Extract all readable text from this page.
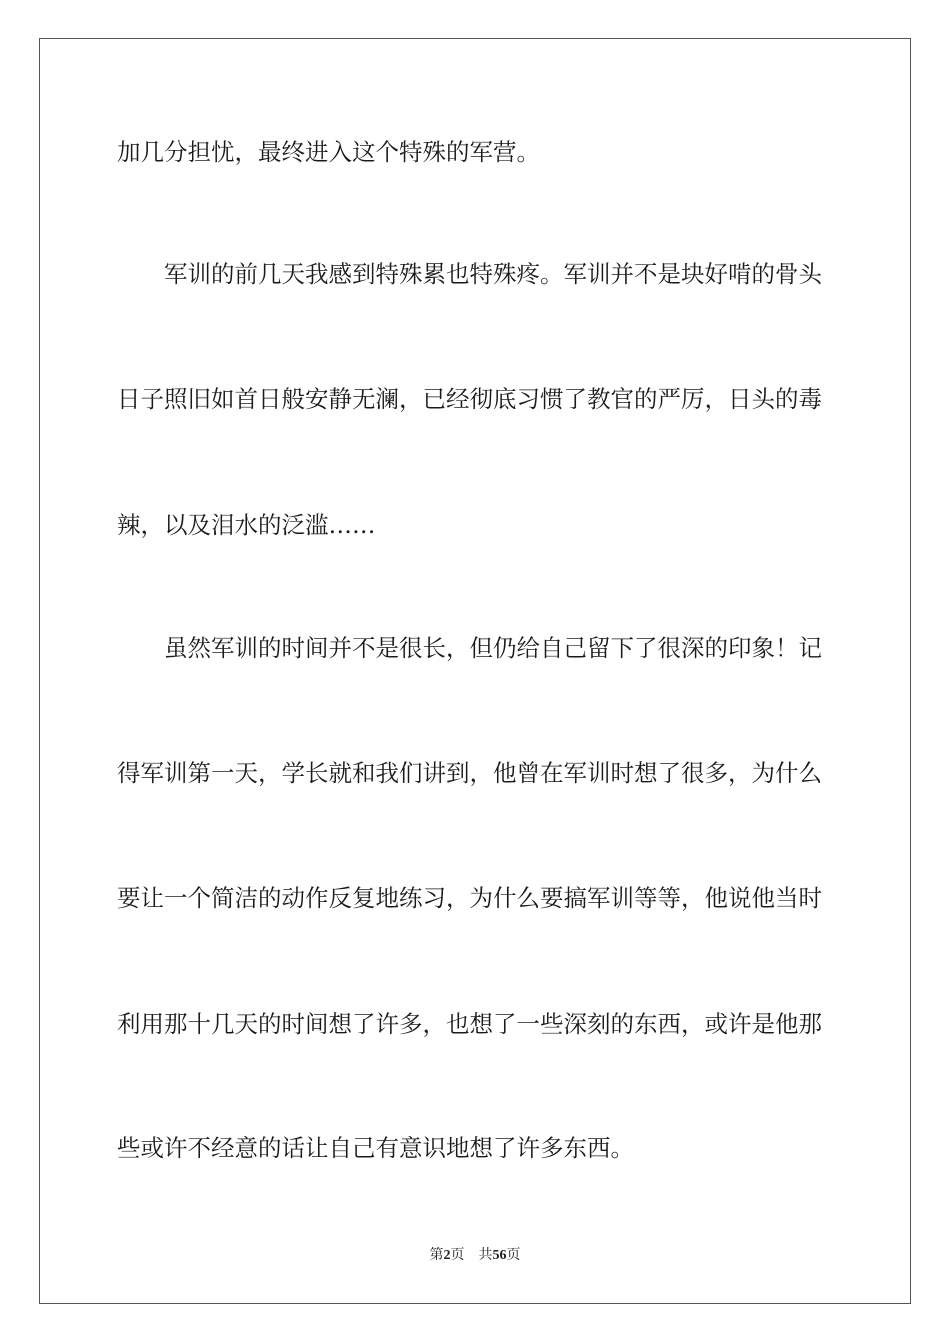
加几分担忧，最终进入这个特殊的军营。
军训的前几天我感到特殊累也特殊疼。军训并不是块好啃的骨头
日子照旧如首日般安静无澜，已经彻底习惯了教官的严厉，日头的毒
辣，以及泪水的泛滥……
虽然军训的时间并不是很长，但仍给自己留下了很深的印象！记
得军训第一天，学长就和我们讲到，他曾在军训时想了很多，为什么
要让一个简洁的动作反复地练习，为什么要搞军训等等，他说他当时
利用那十几天的时间想了许多，也想了一些深刻的东西，或许是他那
些或许不经意的话让自己有意识地想了许多东西。
第2页 共56页
